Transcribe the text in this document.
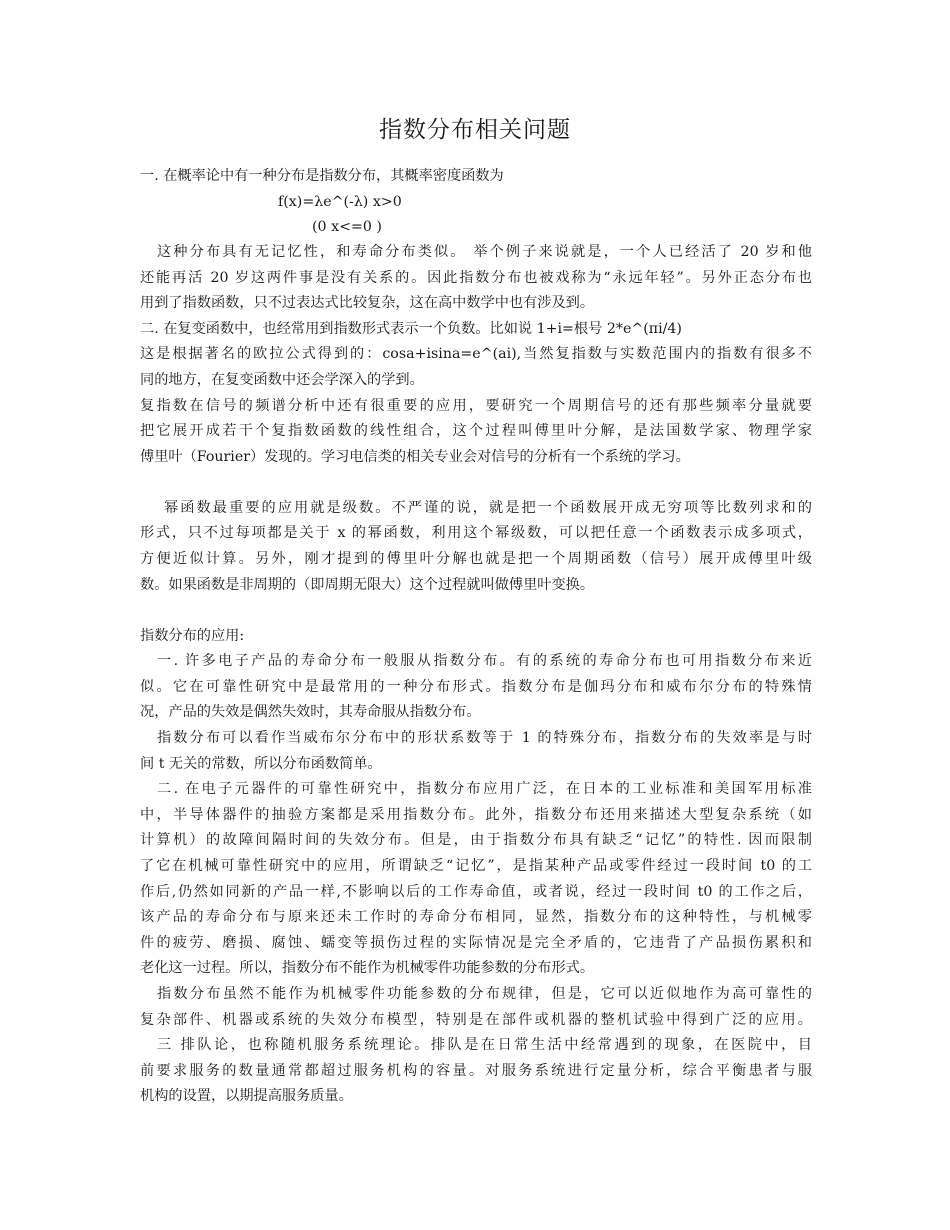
指数分布相关问题
一. 在概率论中有一种分布是指数分布，其概率密度函数为
f(x)=λe^(-λ) x>0
(0 x<=0 )
这种分布具有无记忆性，和寿命分布类似。 举个例子来说就是，一个人已经活了 20 岁和他
还能再活 20 岁这两件事是没有关系的。因此指数分布也被戏称为“永远年轻”。另外正态分布也
用到了指数函数，只不过表达式比较复杂，这在高中数学中也有涉及到。
二. 在复变函数中，也经常用到指数形式表示一个负数。比如说 1+i=根号 2*e^(πi/4)
这是根据著名的欧拉公式得到的：cosa+isina=e^(ai),当然复指数与实数范围内的指数有很多不
同的地方，在复变函数中还会学深入的学到。
复指数在信号的频谱分析中还有很重要的应用，要研究一个周期信号的还有那些频率分量就要
把它展开成若干个复指数函数的线性组合，这个过程叫傅里叶分解，是法国数学家、物理学家
傅里叶（Fourier）发现的。学习电信类的相关专业会对信号的分析有一个系统的学习。
幂函数最重要的应用就是级数。不严谨的说，就是把一个函数展开成无穷项等比数列求和的
形式，只不过每项都是关于 x 的幂函数，利用这个幂级数，可以把任意一个函数表示成多项式，
方便近似计算。另外，刚才提到的傅里叶分解也就是把一个周期函数（信号）展开成傅里叶级
数。如果函数是非周期的（即周期无限大）这个过程就叫做傅里叶变换。
指数分布的应用:
一. 许多电子产品的寿命分布一般服从指数分布。有的系统的寿命分布也可用指数分布来近
似。它在可靠性研究中是最常用的一种分布形式。指数分布是伽玛分布和威布尔分布的特殊情
况，产品的失效是偶然失效时，其寿命服从指数分布。
指数分布可以看作当威布尔分布中的形状系数等于 1 的特殊分布，指数分布的失效率是与时
间 t 无关的常数，所以分布函数简单。
二. 在电子元器件的可靠性研究中，指数分布应用广泛，在日本的工业标准和美国军用标准
中，半导体器件的抽验方案都是采用指数分布。此外，指数分布还用来描述大型复杂系统（如
计算机）的故障间隔时间的失效分布。但是，由于指数分布具有缺乏“记忆”的特性. 因而限制
了它在机械可靠性研究中的应用，所谓缺乏“记忆”，是指某种产品或零件经过一段时间 t0 的工
作后,仍然如同新的产品一样,不影响以后的工作寿命值，或者说，经过一段时间 t0 的工作之后，
该产品的寿命分布与原来还未工作时的寿命分布相同，显然，指数分布的这种特性，与机械零
件的疲劳、磨损、腐蚀、蠕变等损伤过程的实际情况是完全矛盾的，它违背了产品损伤累积和
老化这一过程。所以，指数分布不能作为机械零件功能参数的分布形式。
指数分布虽然不能作为机械零件功能参数的分布规律，但是，它可以近似地作为高可靠性的
复杂部件、机器或系统的失效分布模型，特别是在部件或机器的整机试验中得到广泛的应用。
三 排队论，也称随机服务系统理论。排队是在日常生活中经常遇到的现象，在医院中，目
前要求服务的数量通常都超过服务机构的容量。对服务系统进行定量分析，综合平衡患者与服
机构的设置，以期提高服务质量。
